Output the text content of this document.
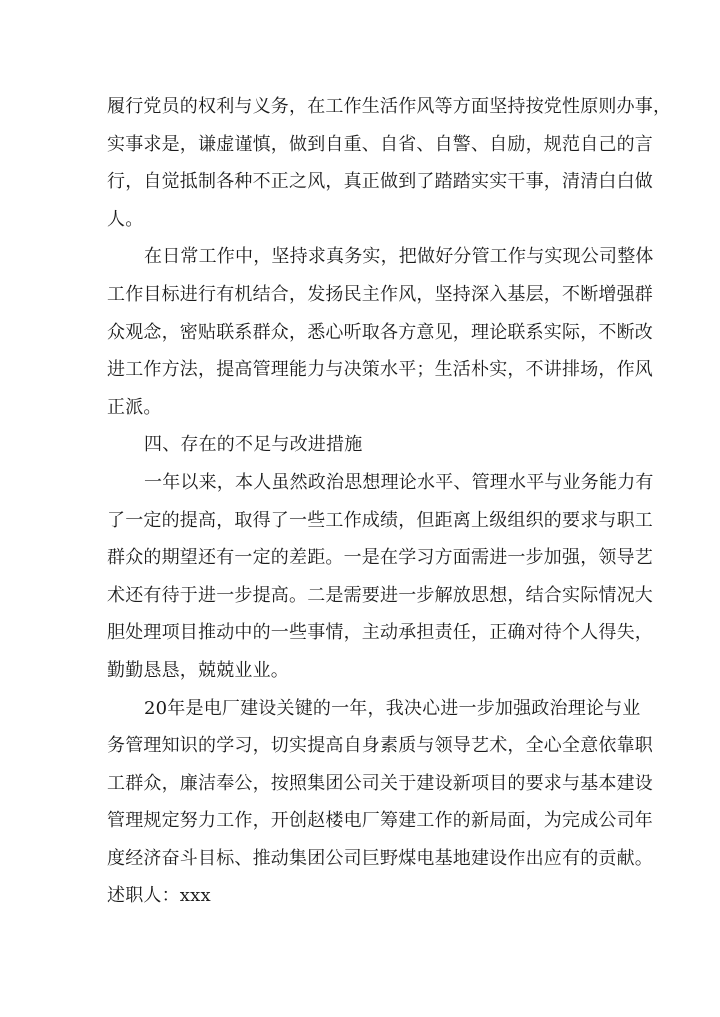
履行党员的权利与义务，在工作生活作风等方面坚持按党性原则办事，
实事求是，谦虚谨慎，做到自重、自省、自警、自励，规范自己的言
行，自觉抵制各种不正之风，真正做到了踏踏实实干事，清清白白做
人。
在日常工作中，坚持求真务实，把做好分管工作与实现公司整体
工作目标进行有机结合，发扬民主作风，坚持深入基层，不断增强群
众观念，密贴联系群众，悉心听取各方意见，理论联系实际，不断改
进工作方法，提高管理能力与决策水平；生活朴实，不讲排场，作风
正派。
四、存在的不足与改进措施
一年以来，本人虽然政治思想理论水平、管理水平与业务能力有
了一定的提高，取得了一些工作成绩，但距离上级组织的要求与职工
群众的期望还有一定的差距。一是在学习方面需进一步加强，领导艺
术还有待于进一步提高。二是需要进一步解放思想，结合实际情况大
胆处理项目推动中的一些事情，主动承担责任，正确对待个人得失，
勤勤恳恳，兢兢业业。
20年是电厂建设关键的一年，我决心进一步加强政治理论与业
务管理知识的学习，切实提高自身素质与领导艺术，全心全意依靠职
工群众，廉洁奉公，按照集团公司关于建设新项目的要求与基本建设
管理规定努力工作，开创赵楼电厂筹建工作的新局面，为完成公司年
度经济奋斗目标、推动集团公司巨野煤电基地建设作出应有的贡献。
述职人：xxx
